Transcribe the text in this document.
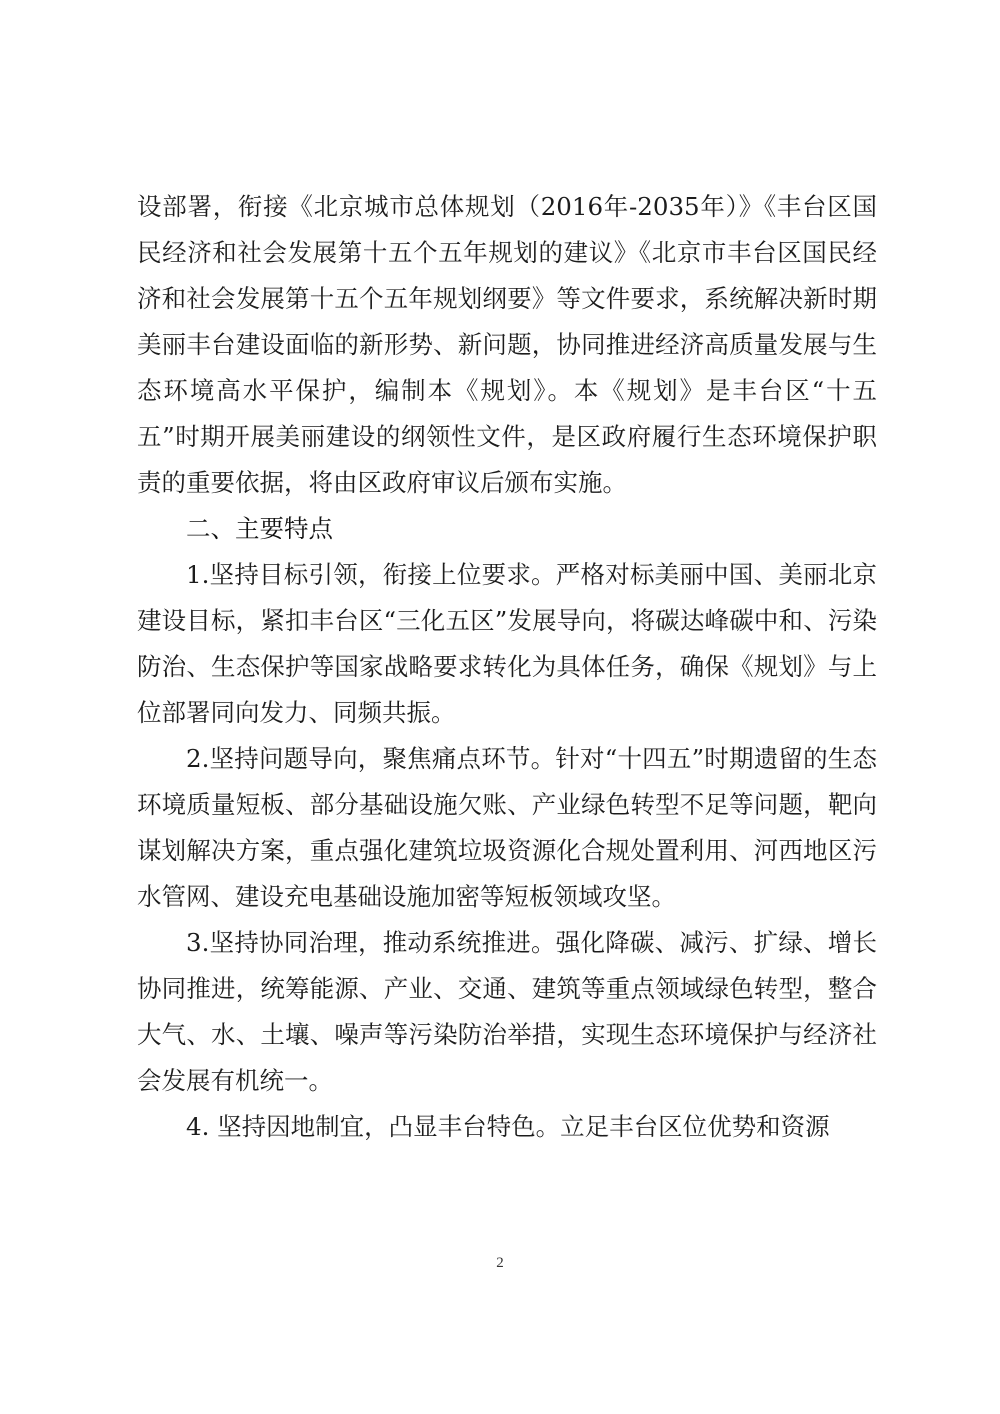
设部署，衔接《北京城市总体规划（2016年-2035年）》《丰台区国民经济和社会发展第十五个五年规划的建议》《北京市丰台区国民经济和社会发展第十五个五年规划纲要》等文件要求，系统解决新时期美丽丰台建设面临的新形势、新问题，协同推进经济高质量发展与生态环境高水平保护，编制本《规划》。本《规划》是丰台区“十五五”时期开展美丽建设的纲领性文件，是区政府履行生态环境保护职责的重要依据，将由区政府审议后颁布实施。

二、主要特点

1.坚持目标引领，衔接上位要求。严格对标美丽中国、美丽北京建设目标，紧扣丰台区“三化五区”发展导向，将碳达峰碳中和、污染防治、生态保护等国家战略要求转化为具体任务，确保《规划》与上位部署同向发力、同频共振。

2.坚持问题导向，聚焦痛点环节。针对“十四五”时期遗留的生态环境质量短板、部分基础设施欠账、产业绿色转型不足等问题，靶向谋划解决方案，重点强化建筑垃圾资源化合规处置利用、河西地区污水管网、建设充电基础设施加密等短板领域攻坚。

3.坚持协同治理，推动系统推进。强化降碳、减污、扩绿、增长协同推进，统筹能源、产业、交通、建筑等重点领域绿色转型，整合大气、水、土壤、噪声等污染防治举措，实现生态环境保护与经济社会发展有机统一。

4. 坚持因地制宜，凸显丰台特色。立足丰台区位优势和资源

2
